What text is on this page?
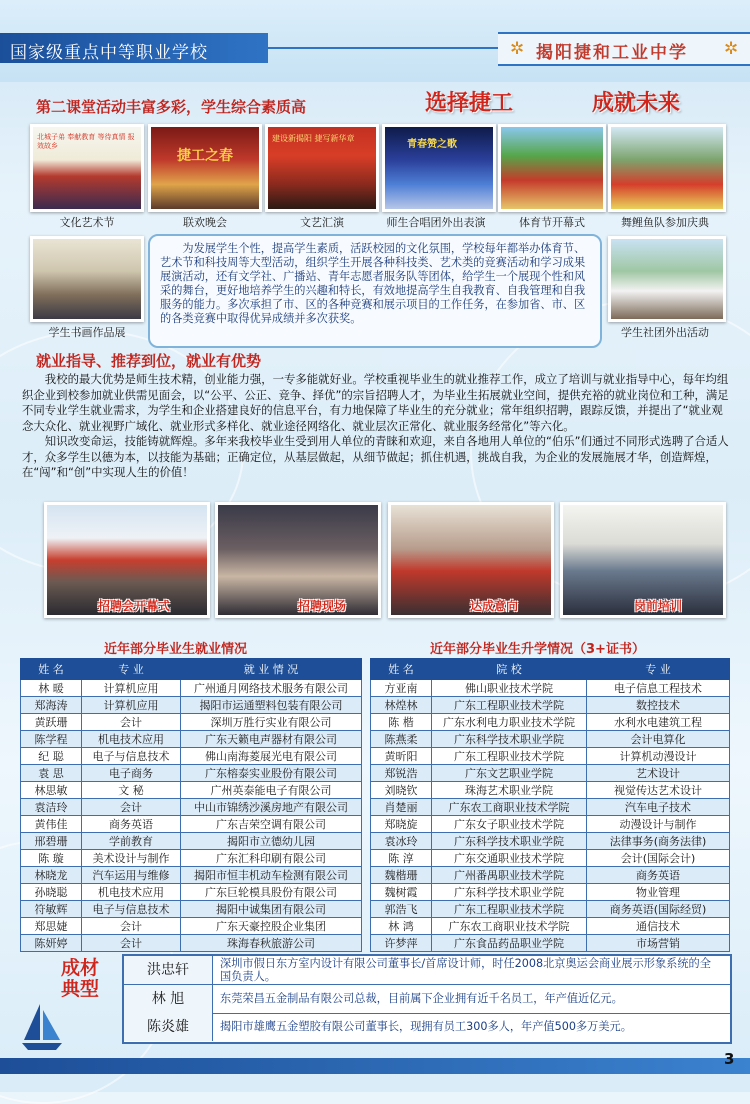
国家级重点中等职业学校	✲ 揭阳捷和工业中学 ✲
第二课堂活动丰富多彩，学生综合素质高	选择捷工	成就未来
北城子弟 奉献教育 等待真情 报效故乡
捷工之春
建设新揭阳 捷写新华章
青春赞之歌
文化艺术节	联欢晚会	文艺汇演	师生合唱团外出表演	体育节开幕式	舞鲤鱼队参加庆典
学生书画作品展	学生社团外出活动

为发展学生个性，提高学生素质，活跃校园的文化氛围，学校每年都举办体育节、艺术节和科技周等大型活动，组织学生开展各种科技类、艺术类的竞赛活动和学习成果展演活动，还有文学社、广播站、青年志愿者服务队等团体，给学生一个展现个性和风采的舞台，更好地培养学生的兴趣和特长，有效地提高学生自我教育、自我管理和自我服务的能力。多次承担了市、区的各种竞赛和展示项目的工作任务，在参加省、市、区的各类竞赛中取得优异成绩并多次获奖。

就业指导、推荐到位，就业有优势

我校的最大优势是师生技术精，创业能力强，一专多能就好业。学校重视毕业生的就业推荐工作，成立了培训与就业指导中心，每年均组织企业到校参加就业供需见面会，以“公平、公正、竞争、择优”的宗旨招聘人才，为毕业生拓展就业空间，提供充裕的就业岗位和工种，满足不同专业学生就业需求，为学生和企业搭建良好的信息平台，有力地保障了毕业生的充分就业；常年组织招聘，跟踪反馈，并提出了“就业观念大众化、就业视野广域化、就业形式多样化、就业途径网络化、就业层次正常化、就业服务经常化”等六化。

知识改变命运，技能铸就辉煌。多年来我校毕业生受到用人单位的青睐和欢迎，来自各地用人单位的“伯乐”们通过不同形式选聘了合适人才，众多学生以德为本，以技能为基础；正确定位，从基层做起，从细节做起；抓住机遇，挑战自我，为企业的发展施展才华，创造辉煌，在“闯”和“创”中实现人生的价值！

招聘会开幕式	招聘现场	达成意向	岗前培训
近年部分毕业生就业情况
姓 名	专 业	就 业 情 况
林 暖	计算机应用	广州通月网络技术服务有限公司
郑海涛	计算机应用	揭阳市运通塑料包装有限公司
黄跃珊	会计	深圳万胜行实业有限公司
陈学程	机电技术应用	广东天籁电声器材有限公司
纪 聪	电子与信息技术	佛山南海菱展光电有限公司
袁 思	电子商务	广东榕泰实业股份有限公司
林思敏	文 秘	广州英泰能电子有限公司
袁洁玲	会计	中山市锦绣沙溪房地产有限公司
黄伟佳	商务英语	广东吉荣空调有限公司
邢碧珊	学前教育	揭阳市立德幼儿园
陈 璇	美术设计与制作	广东汇科印刷有限公司
林晓龙	汽车运用与维修	揭阳市恒丰机动车检测有限公司
孙晓聪	机电技术应用	广东巨轮模具股份有限公司
符敏辉	电子与信息技术	揭阳中诚集团有限公司
郑思婕	会计	广东天豪控股企业集团
陈妍婷	会计	珠海春秋旅游公司
近年部分毕业生升学情况（3+证书）
姓 名	院 校	专 业
方亚南	佛山职业技术学院	电子信息工程技术
林煌林	广东工程职业技术学院	数控技术
陈 楷	广东水利电力职业技术学院	水利水电建筑工程
陈燕柔	广东科学技术职业学院	会计电算化
黄昕阳	广东工程职业技术学院	计算机动漫设计
郑锐浩	广东文艺职业学院	艺术设计
刘晓钦	珠海艺术职业学院	视觉传达艺术设计
肖楚丽	广东农工商职业技术学院	汽车电子技术
郑晓旋	广东女子职业技术学院	动漫设计与制作
袁冰玲	广东科学技术职业学院	法律事务(商务法律)
陈 淳	广东交通职业技术学院	会计(国际会计)
魏楷珊	广州番禺职业技术学院	商务英语
魏树霞	广东科学技术职业学院	物业管理
郭浩飞	广东工程职业技术学院	商务英语(国际经贸)
林 鸿	广东农工商职业技术学院	通信技术
许梦萍	广东食品药品职业学院	市场营销
成材典型
洪忠轩	深圳市假日东方室内设计有限公司董事长/首席设计师，时任2008北京奥运会商业展示形象系统的全国负责人。
林 旭	东莞荣昌五金制品有限公司总裁，目前属下企业拥有近千名员工，年产值近亿元。
陈炎雄	揭阳市雄鹰五金塑胶有限公司董事长，现拥有员工300多人，年产值500多万美元。
3
